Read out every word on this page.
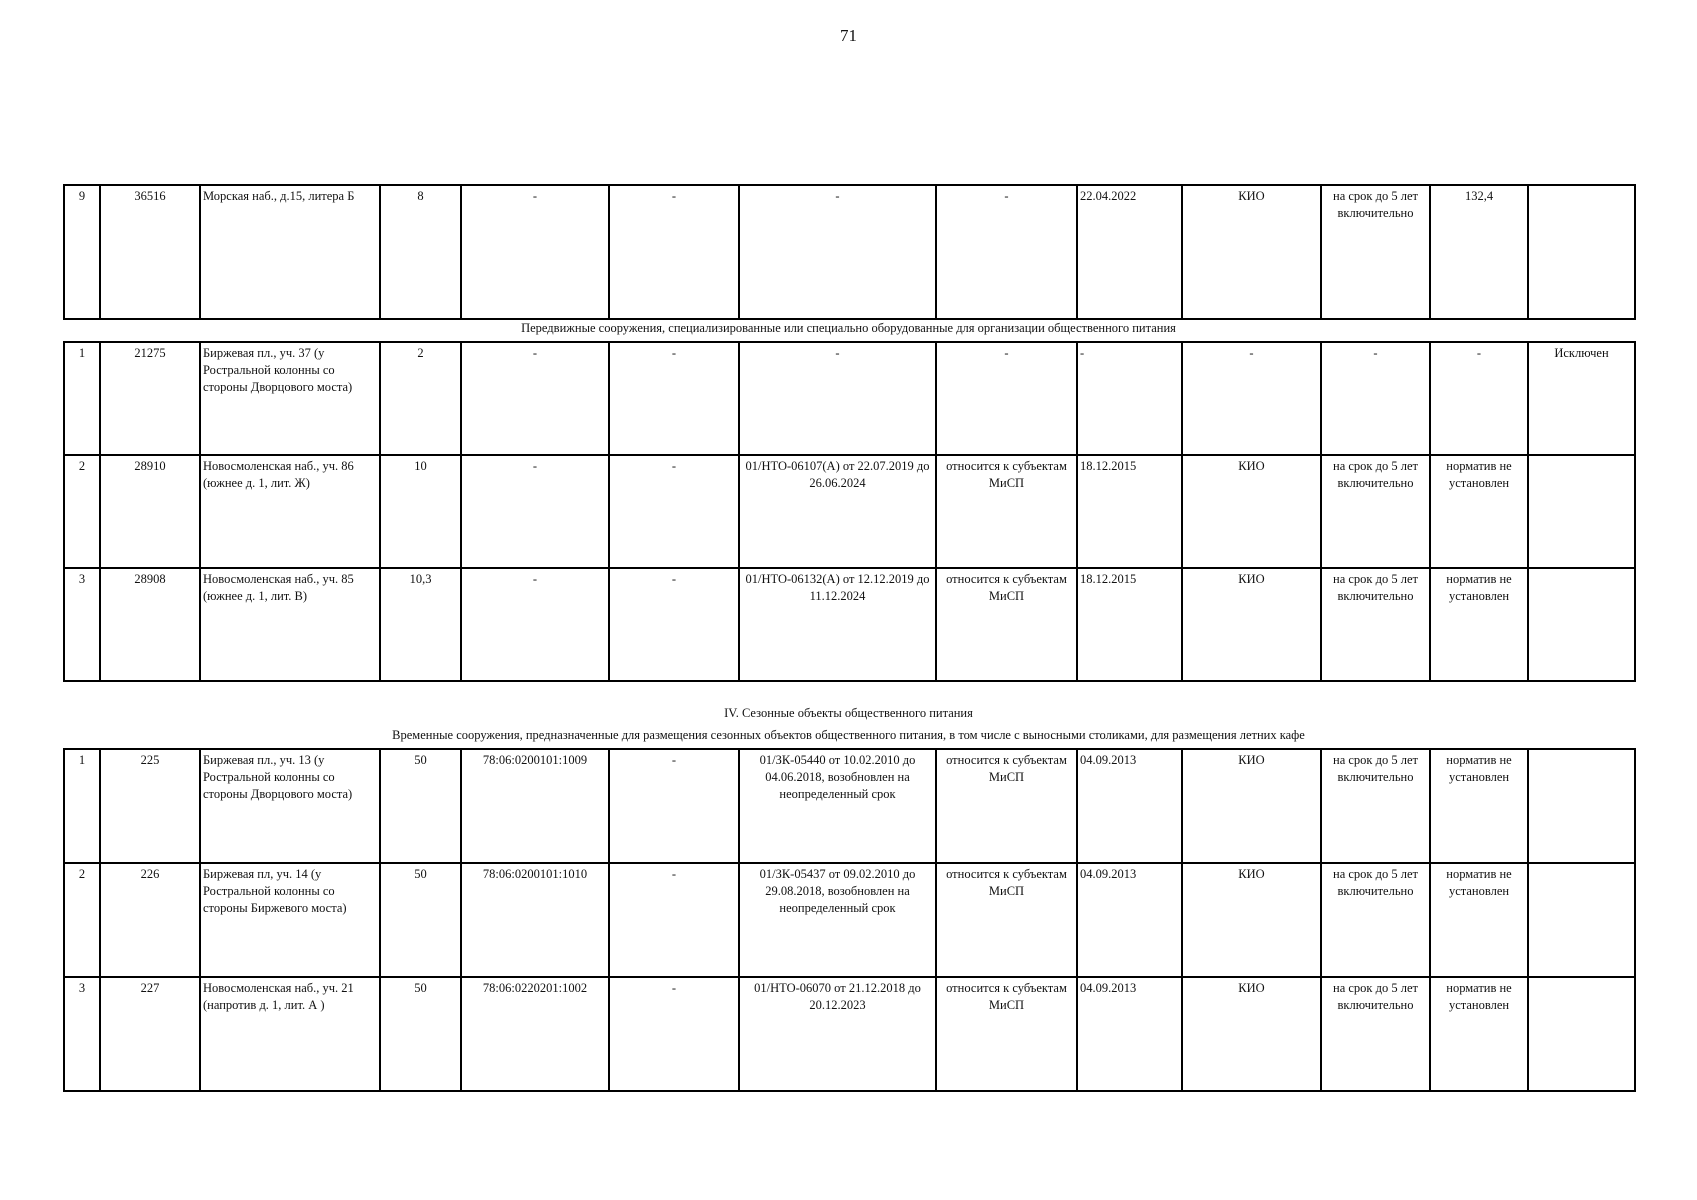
71
9	36516	Морская наб., д.15, литера Б	8	-	-	-	-	22.04.2022	КИО	на срок до 5 лет включительно	132,4	
Передвижные сооружения, специализированные или специально оборудованные для организации общественного питания
1	21275	Биржевая пл., уч. 37 (у Ростральной колонны со стороны Дворцового моста)	2	-	-	-	-	-	-	-	-	Исключен
2	28910	Новосмоленская наб., уч. 86 (южнее д. 1, лит. Ж)	10	-	-	01/НТО-06107(А) от 22.07.2019 до 26.06.2024	относится к субъектам МиСП	18.12.2015	КИО	на срок до 5 лет включительно	норматив не установлен	
3	28908	Новосмоленская наб., уч. 85 (южнее д. 1, лит. В)	10,3	-	-	01/НТО-06132(А) от 12.12.2019 до 11.12.2024	относится к субъектам МиСП	18.12.2015	КИО	на срок до 5 лет включительно	норматив не установлен	
IV. Сезонные объекты общественного питания
Временные сооружения, предназначенные для размещения сезонных объектов общественного питания, в том числе с выносными столиками, для размещения летних кафе
1	225	Биржевая пл., уч. 13 (у Ростральной колонны со стороны Дворцового моста)	50	78:06:0200101:1009	-	01/ЗК-05440 от 10.02.2010 до 04.06.2018, возобновлен на неопределенный срок	относится к субъектам МиСП	04.09.2013	КИО	на срок до 5 лет включительно	норматив не установлен	
2	226	Биржевая пл, уч. 14 (у Ростральной колонны со стороны Биржевого моста)	50	78:06:0200101:1010	-	01/ЗК-05437 от 09.02.2010 до 29.08.2018, возобновлен на неопределенный срок	относится к субъектам МиСП	04.09.2013	КИО	на срок до 5 лет включительно	норматив не установлен	
3	227	Новосмоленская наб., уч. 21 (напротив д. 1, лит. А )	50	78:06:0220201:1002	-	01/НТО-06070 от 21.12.2018 до 20.12.2023	относится к субъектам МиСП	04.09.2013	КИО	на срок до 5 лет включительно	норматив не установлен	
